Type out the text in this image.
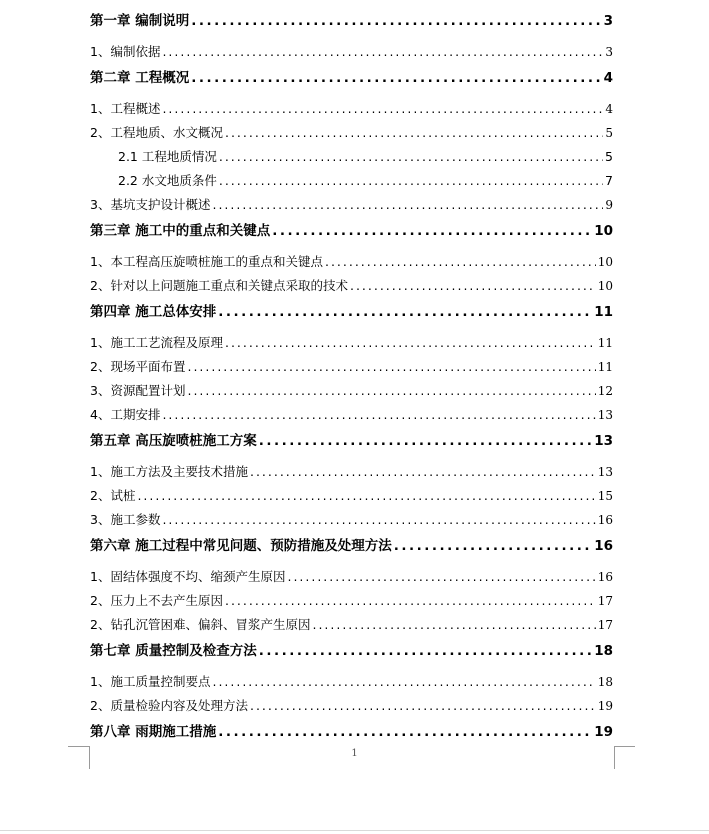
第一章 编制说明 .....	3
1、编制依据 .....	3
第二章 工程概况 .....	4
1、工程概述 .....	4
2、工程地质、水文概况 .....	5
2.1 工程地质情况 .....	5
2.2 水文地质条件 .....	7
3、基坑支护设计概述 .....	9
第三章 施工中的重点和关键点 .....	10
1、本工程高压旋喷桩施工的重点和关键点 .....	10
2、针对以上问题施工重点和关键点采取的技术 .....	10
第四章 施工总体安排 .....	11
1、施工工艺流程及原理 .....	11
2、现场平面布置 .....	11
3、资源配置计划 .....	12
4、工期安排 .....	13
第五章 高压旋喷桩施工方案 .....	13
1、施工方法及主要技术措施 .....	13
2、试桩 .....	15
3、施工参数 .....	16
第六章 施工过程中常见问题、预防措施及处理方法 .....	16
1、固结体强度不均、缩颈产生原因 .....	16
2、压力上不去产生原因 .....	17
2、钻孔沉管困难、偏斜、冒浆产生原因 .....	17
第七章 质量控制及检查方法 .....	18
1、施工质量控制要点 .....	18
2、质量检验内容及处理方法 .....	19
第八章 雨期施工措施 .....	19
1
